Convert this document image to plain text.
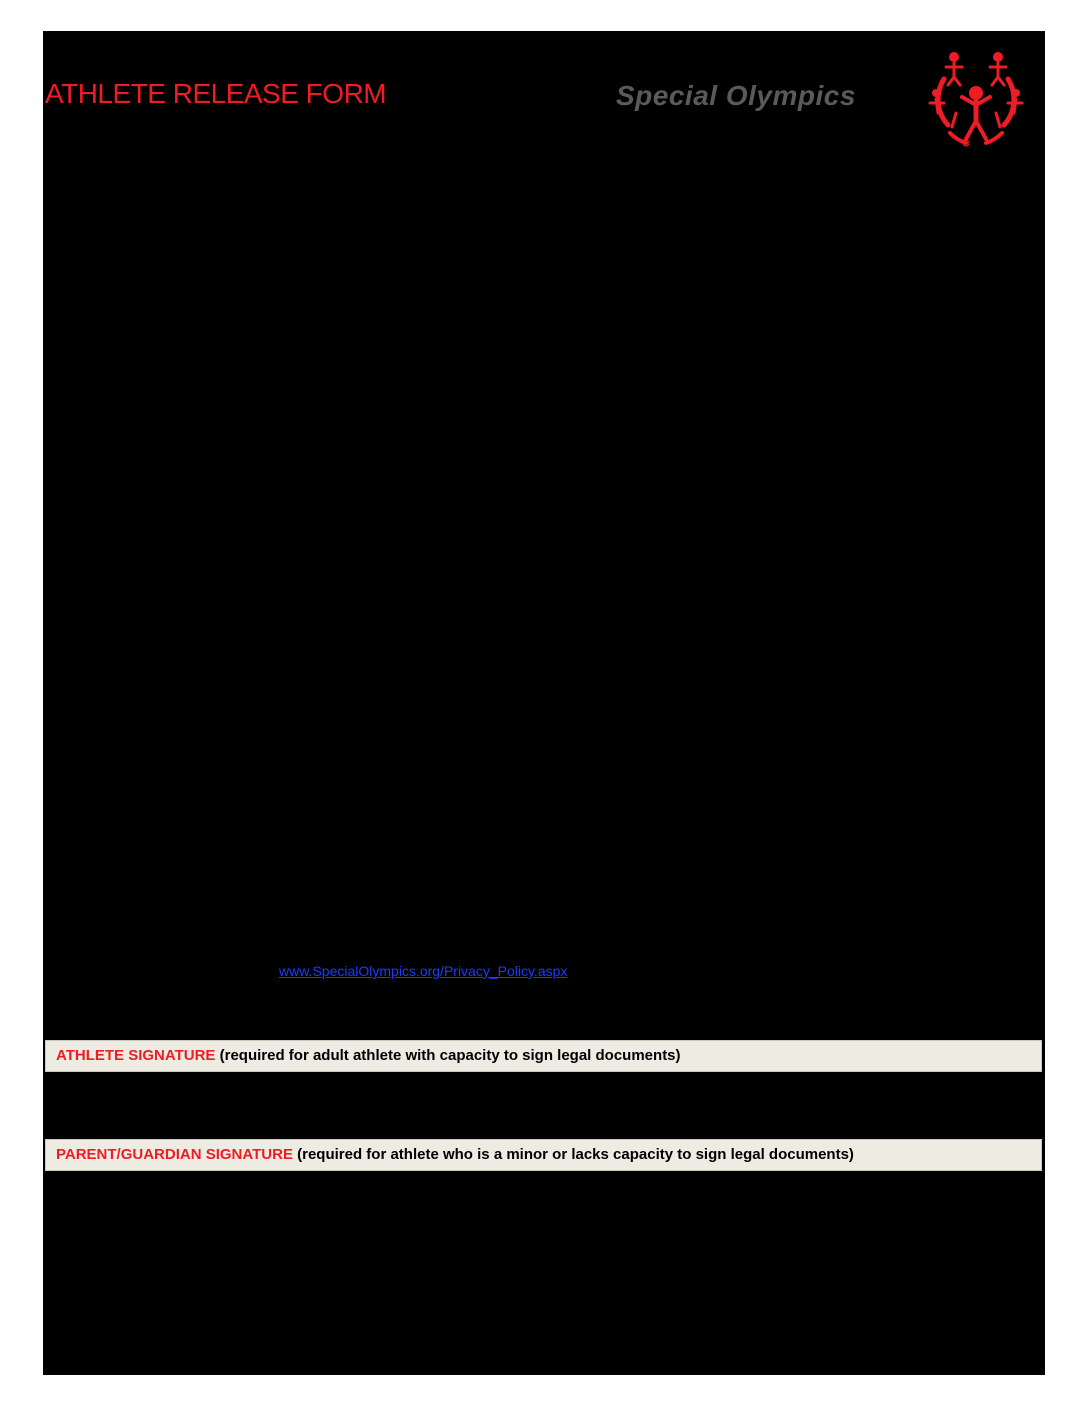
ATHLETE RELEASE FORM	Special Olympics
www.SpecialOlympics.org/Privacy_Policy.aspx
ATHLETE SIGNATURE (required for adult athlete with capacity to sign legal documents)
PARENT/GUARDIAN SIGNATURE (required for athlete who is a minor or lacks capacity to sign legal documents)
